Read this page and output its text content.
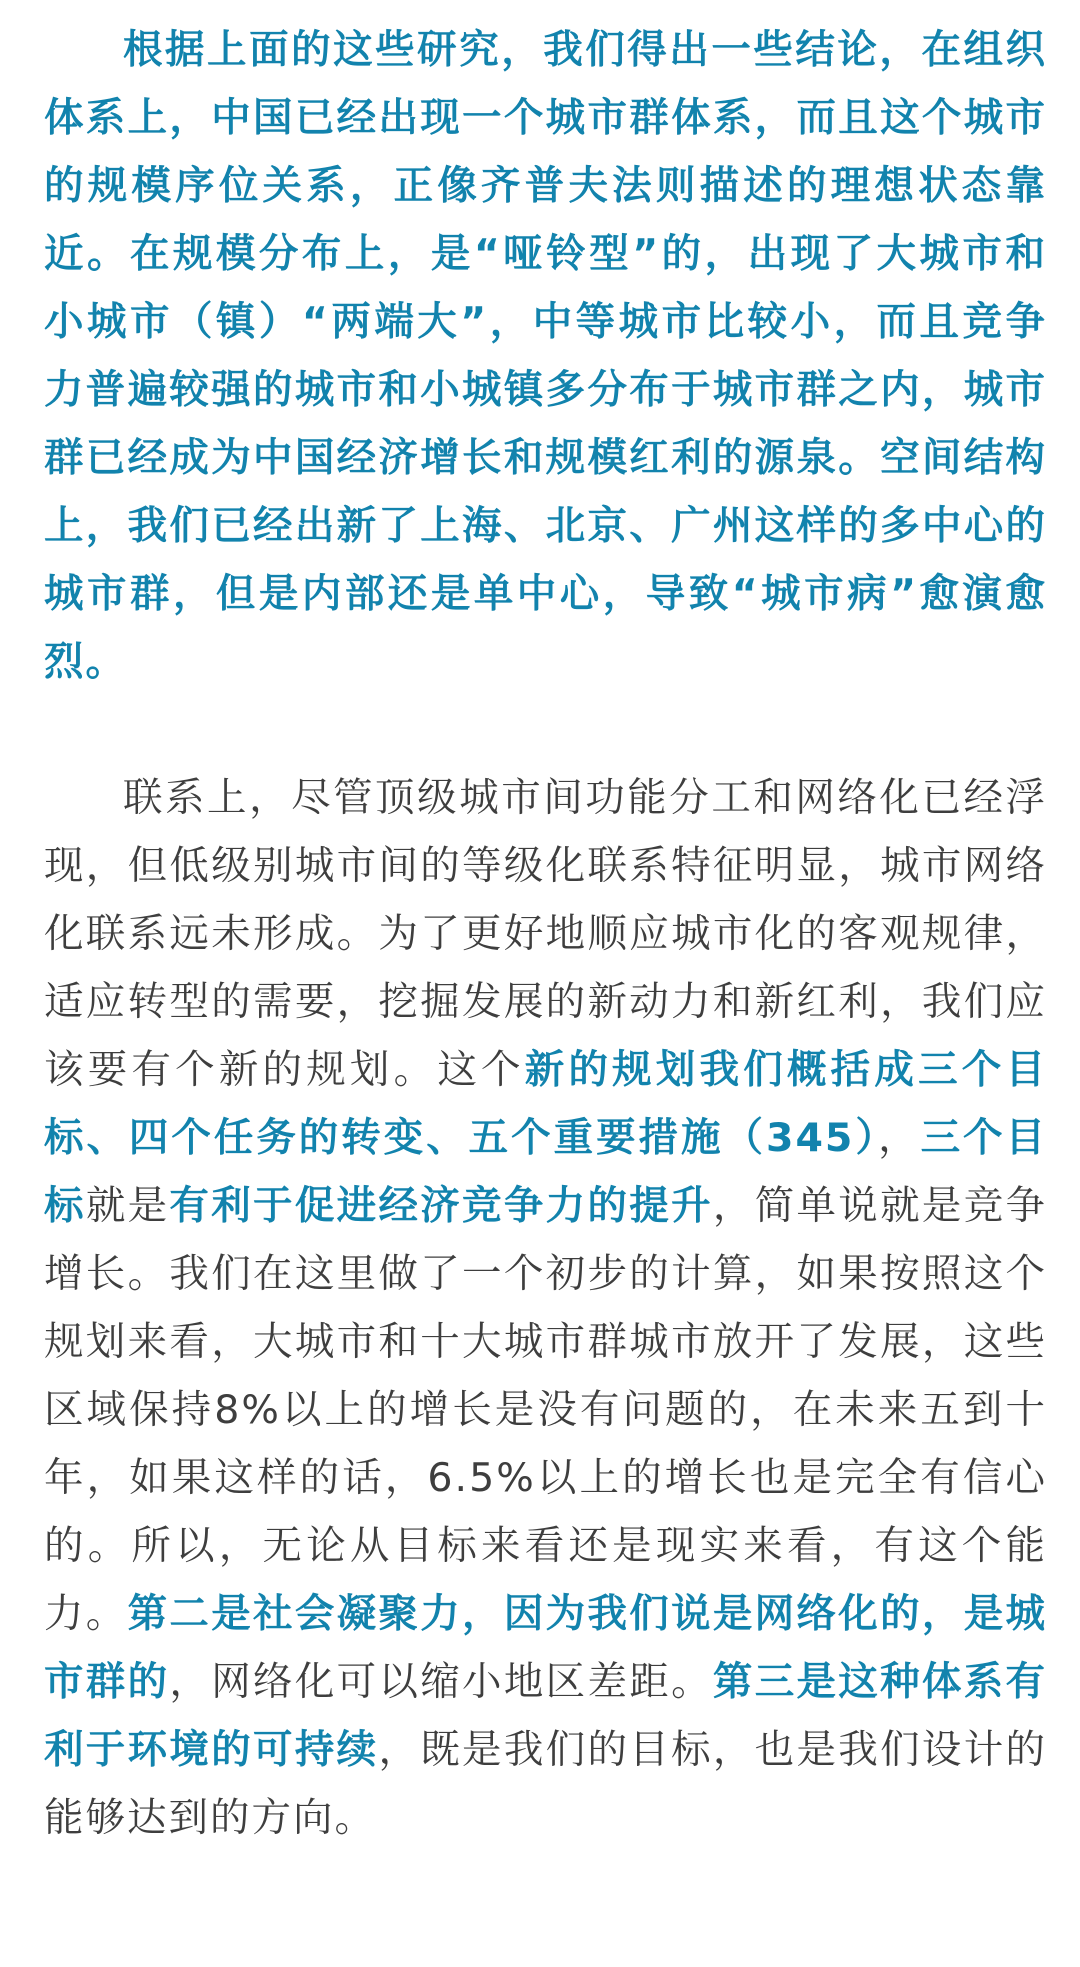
根据上面的这些研究，我们得出一些结论，在组织体系上，中国已经出现一个城市群体系，而且这个城市的规模序位关系，正像齐普夫法则描述的理想状态靠近。在规模分布上，是“哑铃型”的，出现了大城市和小城市（镇）“两端大”，中等城市比较小，而且竞争力普遍较强的城市和小城镇多分布于城市群之内，城市群已经成为中国经济增长和规模红利的源泉。空间结构上，我们已经出新了上海、北京、广州这样的多中心的城市群，但是内部还是单中心，导致“城市病”愈演愈烈。

联系上，尽管顶级城市间功能分工和网络化已经浮现，但低级别城市间的等级化联系特征明显，城市网络化联系远未形成。为了更好地顺应城市化的客观规律，适应转型的需要，挖掘发展的新动力和新红利，我们应该要有个新的规划。这个新的规划我们概括成三个目标、四个任务的转变、五个重要措施（345），三个目标就是有利于促进经济竞争力的提升，简单说就是竞争增长。我们在这里做了一个初步的计算，如果按照这个规划来看，大城市和十大城市群城市放开了发展，这些区域保持8%以上的增长是没有问题的，在未来五到十年，如果这样的话，6.5%以上的增长也是完全有信心的。所以，无论从目标来看还是现实来看，有这个能力。第二是社会凝聚力，因为我们说是网络化的，是城市群的，网络化可以缩小地区差距。第三是这种体系有利于环境的可持续，既是我们的目标，也是我们设计的能够达到的方向。
